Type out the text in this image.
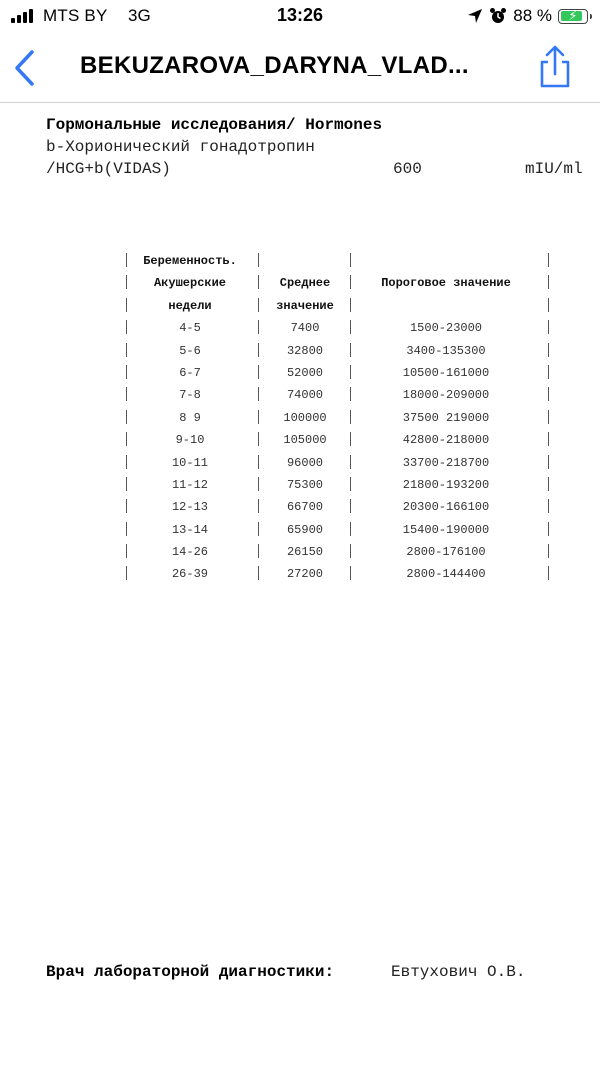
MTS BY 3G	13:26	88 %	⚡
BEKUZAROVA_DARYNA_VLAD...
Гормональные исследования/ Hormones
b-Хорионический гонадотропин
/HCG+b(VIDAS)	600	mIU/ml
Беременность.
Акушерские	Среднее	Пороговое значение
недели	значение
4-5	7400	1500-23000
5-6	32800	3400-135300
6-7	52000	10500-161000
7-8	74000	18000-209000
8 9	100000	37500 219000
9-10	105000	42800-218000
10-11	96000	33700-218700
11-12	75300	21800-193200
12-13	66700	20300-166100
13-14	65900	15400-190000
14-26	26150	2800-176100
26-39	27200	2800-144400
Врач лабораторной диагностики:	Евтухович О.В.
